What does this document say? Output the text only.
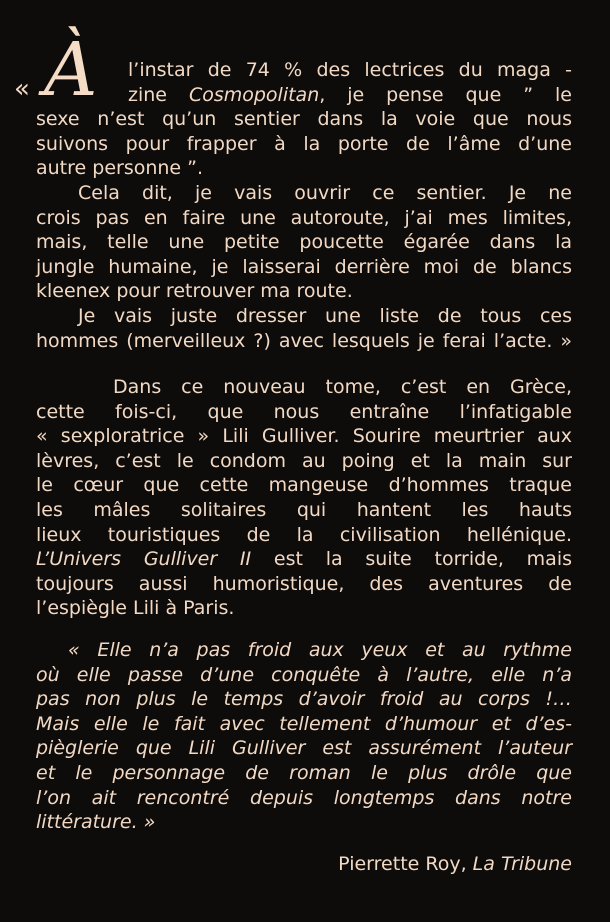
« À	l’instar de 74 % des lectrices du maga -
zine Cosmopolitan, je pense que ” le
sexe n’est qu’un sentier dans la voie que nous
suivons pour frapper à la porte de l’âme d’une
autre personne ”.
Cela dit, je vais ouvrir ce sentier. Je ne
crois pas en faire une autoroute, j’ai mes limites,
mais, telle une petite poucette égarée dans la
jungle humaine, je laisserai derrière moi de blancs
kleenex pour retrouver ma route.
Je vais juste dresser une liste de tous ces
hommes (merveilleux ?) avec lesquels je ferai l’acte. »
Dans ce nouveau tome, c’est en Grèce,
cette fois-ci, que nous entraîne l’infatigable
« sexploratrice » Lili Gulliver. Sourire meurtrier aux
lèvres, c’est le condom au poing et la main sur
le cœur que cette mangeuse d’hommes traque
les mâles solitaires qui hantent les hauts
lieux touristiques de la civilisation hellénique.
L’Univers Gulliver II est la suite torride, mais
toujours aussi humoristique, des aventures de
l’espiègle Lili à Paris.
« Elle n’a pas froid aux yeux et au rythme
où elle passe d’une conquête à l’autre, elle n’a
pas non plus le temps d’avoir froid au corps !…
Mais elle le fait avec tellement d’humour et d’es-
pièglerie que Lili Gulliver est assurément l’auteur
et le personnage de roman le plus drôle que
l’on ait rencontré depuis longtemps dans notre
littérature. »
Pierrette Roy, La Tribune
